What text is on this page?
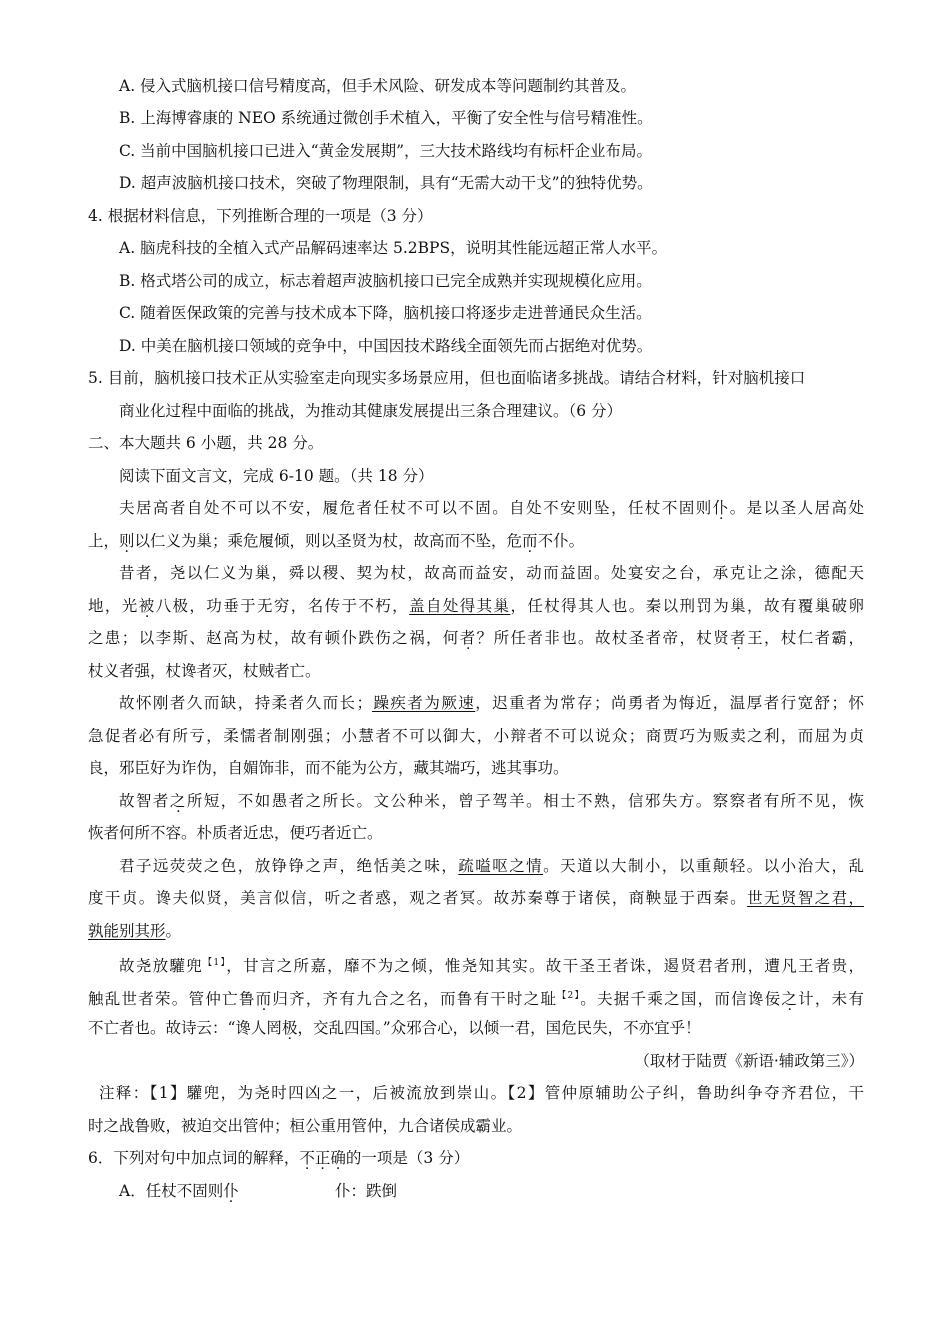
A. 侵入式脑机接口信号精度高，但手术风险、研发成本等问题制约其普及。
B. 上海博睿康的 NEO 系统通过微创手术植入，平衡了安全性与信号精准性。
C. 当前中国脑机接口已进入“黄金发展期”，三大技术路线均有标杆企业布局。
D. 超声波脑机接口技术，突破了物理限制，具有“无需大动干戈”的独特优势。
4. 根据材料信息，下列推断合理的一项是（3 分）
A. 脑虎科技的全植入式产品解码速率达 5.2BPS，说明其性能远超正常人水平。
B. 格式塔公司的成立，标志着超声波脑机接口已完全成熟并实现规模化应用。
C. 随着医保政策的完善与技术成本下降，脑机接口将逐步走进普通民众生活。
D. 中美在脑机接口领域的竞争中，中国因技术路线全面领先而占据绝对优势。
5. 目前，脑机接口技术正从实验室走向现实多场景应用，但也面临诸多挑战。请结合材料，针对脑机接口
商业化过程中面临的挑战，为推动其健康发展提出三条合理建议。（6 分）
二、本大题共 6 小题，共 28 分。
阅读下面文言文，完成 6-10 题。（共 18 分）
夫居高者自处不可以不安，履危者任杖不可以不固。自处不安则坠，任杖不固则仆。是以圣人居高处
上，则以仁义为巢；乘危履倾，则以圣贤为杖，故高而不坠，危而不仆。
昔者，尧以仁义为巢，舜以稷、契为杖，故高而益安，动而益固。处宴安之台，承克让之涂，德配天
地，光被八极，功垂于无穷，名传于不朽，盖自处得其巢，任杖得其人也。秦以刑罚为巢，故有覆巢破卵
之患；以李斯、赵高为杖，故有顿仆跌伤之祸，何者？所任者非也。故杖圣者帝，杖贤者王，杖仁者霸，
杖义者强，杖谗者灭，杖贼者亡。
故怀刚者久而缺，持柔者久而长；躁疾者为厥速，迟重者为常存；尚勇者为悔近，温厚者行宽舒；怀
急促者必有所亏，柔懦者制刚强；小慧者不可以御大，小辩者不可以说众；商贾巧为贩卖之利，而屈为贞
良，邪臣好为诈伪，自媚饰非，而不能为公方，藏其端巧，逃其事功。
故智者之所短，不如愚者之所长。文公种米，曾子驾羊。相士不熟，信邪失方。察察者有所不见，恢
恢者何所不容。朴质者近忠，便巧者近亡。
君子远荧荧之色，放铮铮之声，绝恬美之味，疏嗌呕之情。天道以大制小，以重颠轻。以小治大，乱
度干贞。谗夫似贤，美言似信，听之者惑，观之者冥。故苏秦尊于诸侯，商鞅显于西秦。世无贤智之君，
孰能别其形。
故尧放驩兜$^{【1】}$，甘言之所嘉，靡不为之倾，惟尧知其实。故干圣王者诛，遏贤君者刑，遭凡王者贵，
触乱世者荣。管仲亡鲁而归齐，齐有九合之名，而鲁有干时之耻$^{【2】}$。夫据千乘之国，而信谗佞之计，未有
不亡者也。故诗云：“谗人罔极，交乱四国。”众邪合心，以倾一君，国危民失，不亦宜乎！
（取材于陆贾《新语·辅政第三》）
注释：【1】驩兜，为尧时四凶之一，后被流放到崇山。【2】管仲原辅助公子纠，鲁助纠争夺齐君位，干
时之战鲁败，被迫交出管仲；桓公重用管仲，九合诸侯成霸业。
6．下列对句中加点词的解释，不正确的一项是（3 分）
A．任杖不固则仆	仆：跌倒
